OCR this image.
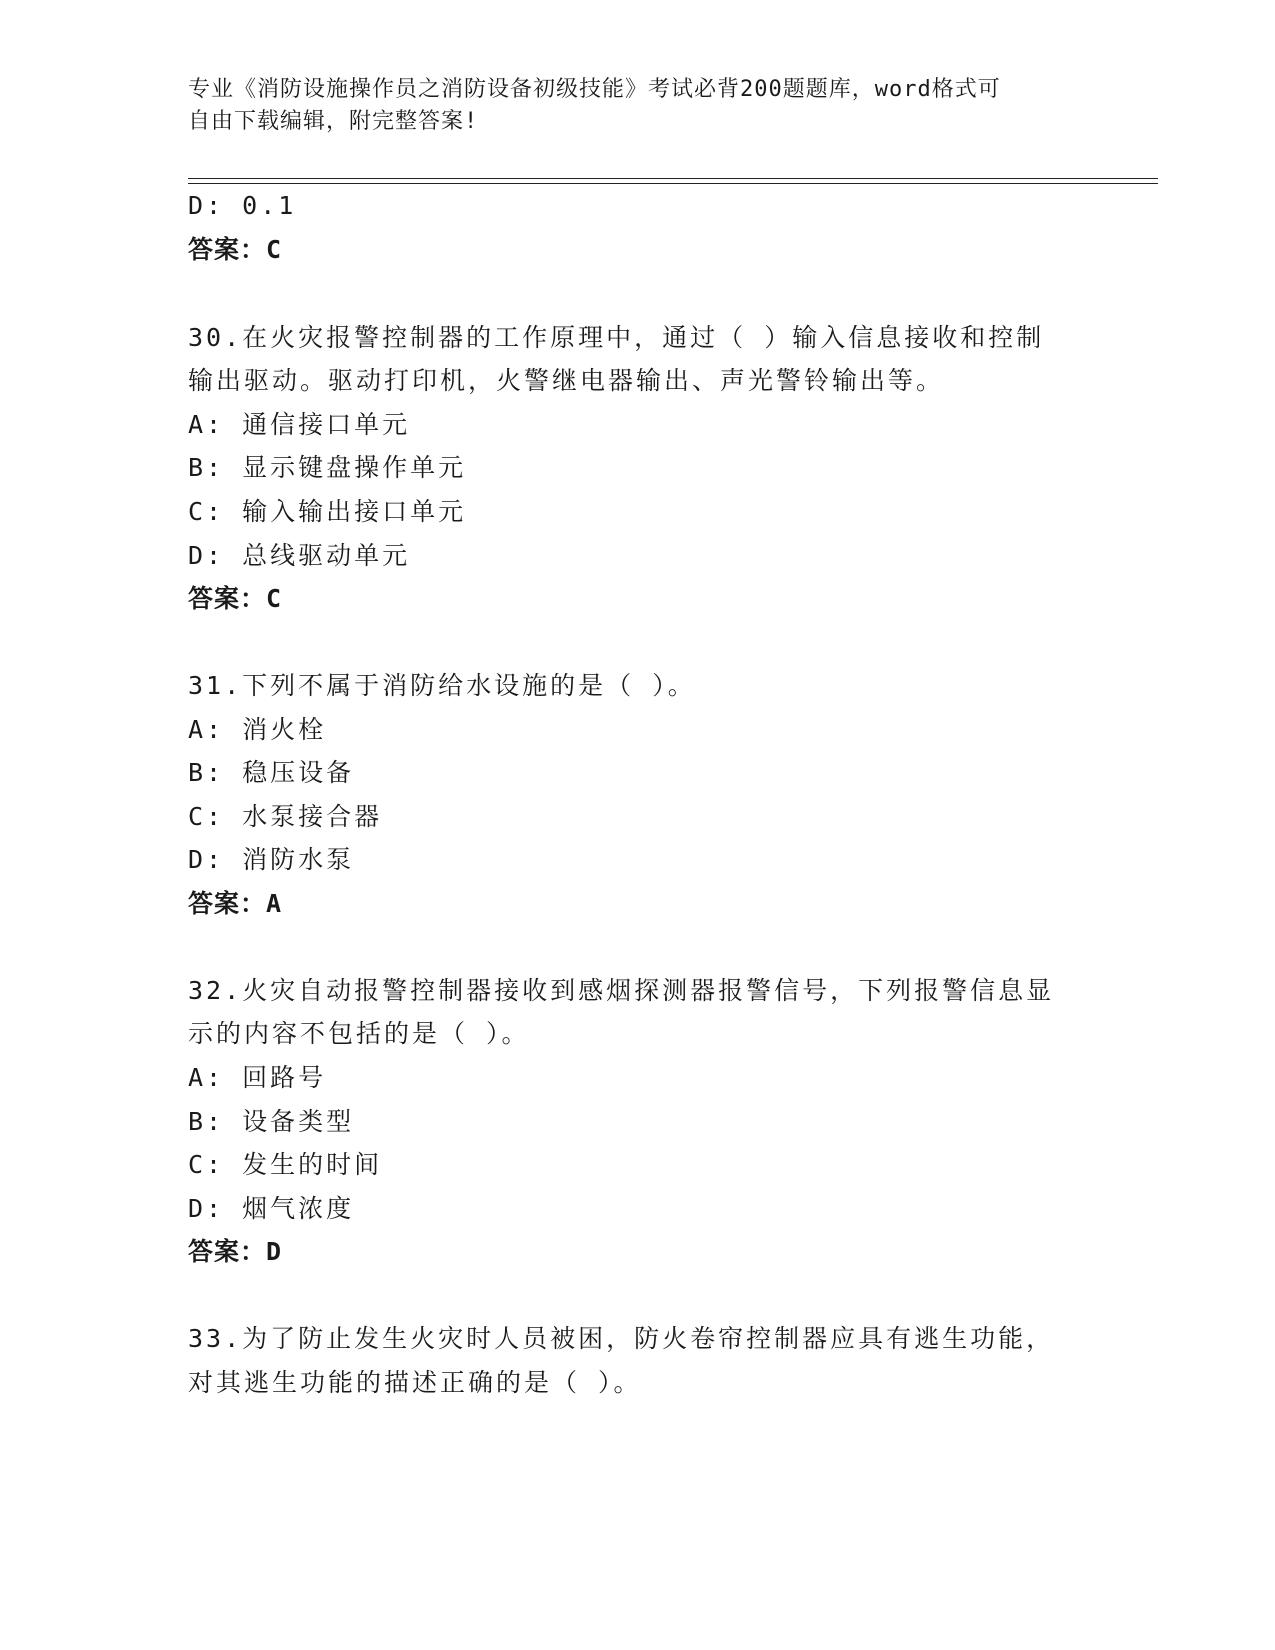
专业《消防设施操作员之消防设备初级技能》考试必背200题题库，word格式可
自由下载编辑，附完整答案!
D: 0.1
答案：C
30.在火灾报警控制器的工作原理中，通过（ ）输入信息接收和控制
输出驱动。驱动打印机，火警继电器输出、声光警铃输出等。
A: 通信接口单元
B: 显示键盘操作单元
C: 输入输出接口单元
D: 总线驱动单元
答案：C
31.下列不属于消防给水设施的是（ ）。
A: 消火栓
B: 稳压设备
C: 水泵接合器
D: 消防水泵
答案：A
32.火灾自动报警控制器接收到感烟探测器报警信号，下列报警信息显
示的内容不包括的是（ ）。
A: 回路号
B: 设备类型
C: 发生的时间
D: 烟气浓度
答案：D
33.为了防止发生火灾时人员被困，防火卷帘控制器应具有逃生功能，
对其逃生功能的描述正确的是（ ）。
